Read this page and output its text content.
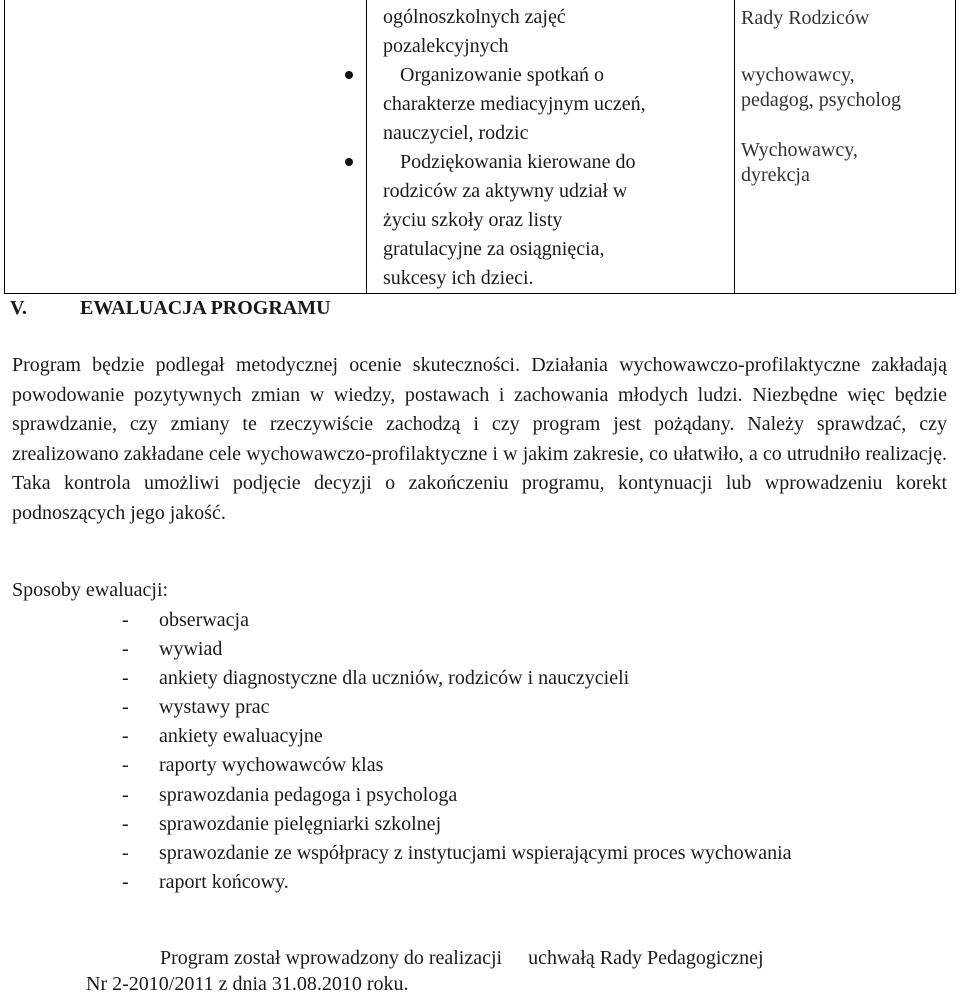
ogólnoszkolnych zajęć
pozalekcyjnych
Organizowanie spotkań o
charakterze mediacyjnym uczeń,
nauczyciel, rodzic
Podziękowania kierowane do
rodziców za aktywny udział w
życiu szkoły oraz listy
gratulacyjne za osiągnięcia,
sukcesy ich dzieci.
Rady Rodziców
wychowawcy,
pedagog, psycholog
Wychowawcy,
dyrekcja
V.	EWALUACJA PROGRAMU
Program będzie podlegał metodycznej ocenie skuteczności. Działania wychowawczo-profilaktyczne zakładają powodowanie pozytywnych zmian w wiedzy, postawach i zachowania młodych ludzi. Niezbędne więc będzie sprawdzanie, czy zmiany te rzeczywiście zachodzą i czy program jest pożądany. Należy sprawdzać, czy zrealizowano zakładane cele wychowawczo-profilaktyczne i w jakim zakresie, co ułatwiło, a co utrudniło realizację. Taka kontrola umożliwi podjęcie decyzji o zakończeniu programu, kontynuacji lub wprowadzeniu korekt podnoszących jego jakość.
Sposoby ewaluacji:
- obserwacja
- wywiad
- ankiety diagnostyczne dla uczniów, rodziców i nauczycieli
- wystawy prac
- ankiety ewaluacyjne
- raporty wychowawców klas
- sprawozdania pedagoga i psychologa
- sprawozdanie pielęgniarki szkolnej
- sprawozdanie ze współpracy z instytucjami wspierającymi proces wychowania
- raport końcowy.
Program został wprowadzony do realizacji uchwałą Rady Pedagogicznej
Nr 2-2010/2011 z dnia 31.08.2010 roku.
